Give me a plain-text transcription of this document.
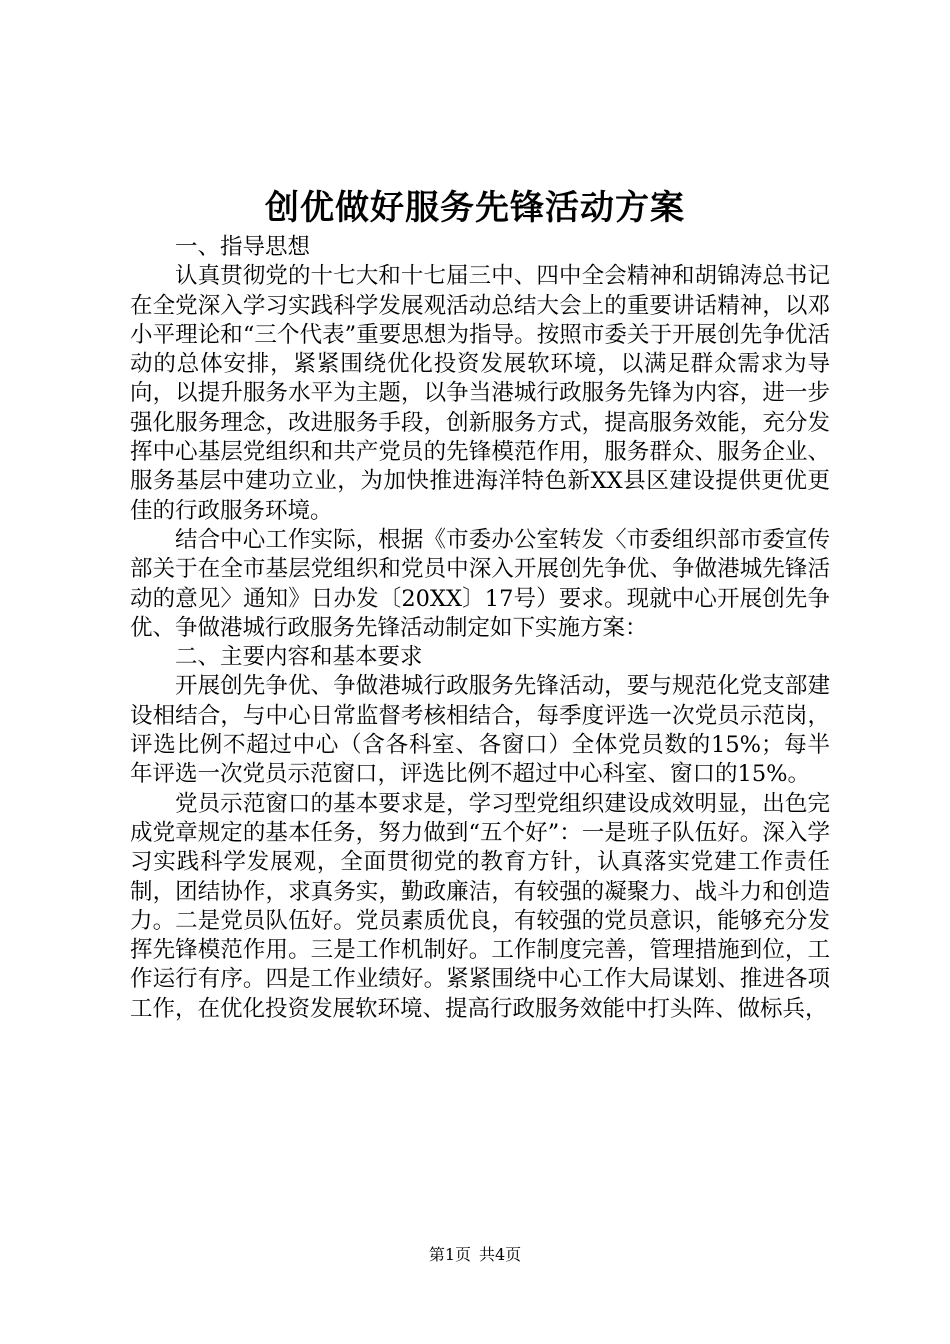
创优做好服务先锋活动方案

一、指导思想

认真贯彻党的十七大和十七届三中、四中全会精神和胡锦涛总书记在全党深入学习实践科学发展观活动总结大会上的重要讲话精神，以邓小平理论和“三个代表”重要思想为指导。按照市委关于开展创先争优活动的总体安排，紧紧围绕优化投资发展软环境，以满足群众需求为导向，以提升服务水平为主题，以争当港城行政服务先锋为内容，进一步强化服务理念，改进服务手段，创新服务方式，提高服务效能，充分发挥中心基层党组织和共产党员的先锋模范作用，服务群众、服务企业、服务基层中建功立业，为加快推进海洋特色新XX县区建设提供更优更佳的行政服务环境。

结合中心工作实际，根据《市委办公室转发〈市委组织部市委宣传部关于在全市基层党组织和党员中深入开展创先争优、争做港城先锋活动的意见〉通知》日办发〔20XX〕17号）要求。现就中心开展创先争优、争做港城行政服务先锋活动制定如下实施方案：

二、主要内容和基本要求

开展创先争优、争做港城行政服务先锋活动，要与规范化党支部建设相结合，与中心日常监督考核相结合，每季度评选一次党员示范岗，评选比例不超过中心（含各科室、各窗口）全体党员数的15%；每半年评选一次党员示范窗口，评选比例不超过中心科室、窗口的15%。

党员示范窗口的基本要求是，学习型党组织建设成效明显，出色完成党章规定的基本任务，努力做到“五个好”：一是班子队伍好。深入学习实践科学发展观，全面贯彻党的教育方针，认真落实党建工作责任制，团结协作，求真务实，勤政廉洁，有较强的凝聚力、战斗力和创造力。二是党员队伍好。党员素质优良，有较强的党员意识，能够充分发挥先锋模范作用。三是工作机制好。工作制度完善，管理措施到位，工作运行有序。四是工作业绩好。紧紧围绕中心工作大局谋划、推进各项工作，在优化投资发展软环境、提高行政服务效能中打头阵、做标兵，

第1页 共4页
